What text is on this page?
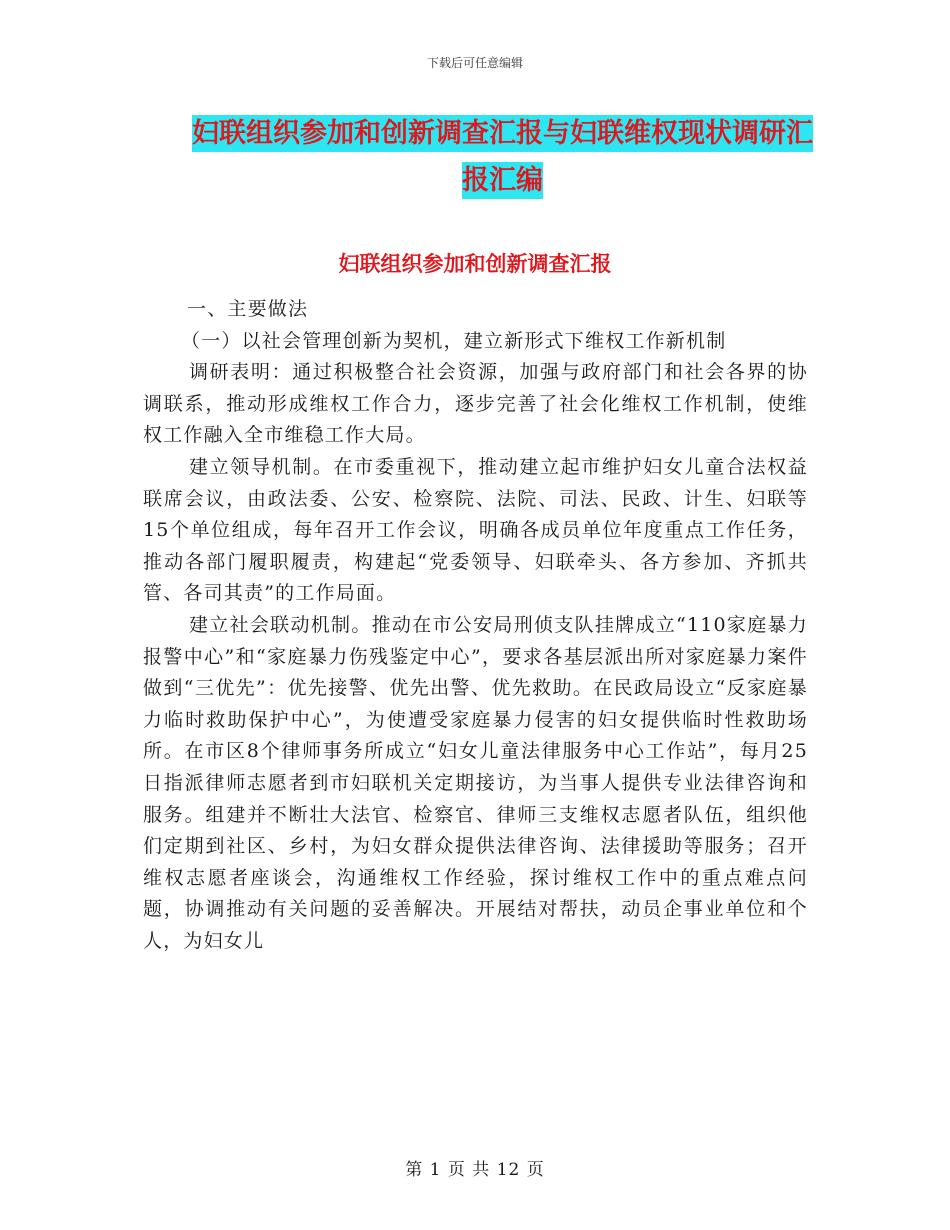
下载后可任意编辑
妇联组织参加和创新调查汇报与妇联维权现状调研汇报汇编
妇联组织参加和创新调查汇报

一、主要做法

（一）以社会管理创新为契机，建立新形式下维权工作新机制

调研表明：通过积极整合社会资源，加强与政府部门和社会各界的协调联系，推动形成维权工作合力，逐步完善了社会化维权工作机制，使维权工作融入全市维稳工作大局。

建立领导机制。在市委重视下，推动建立起市维护妇女儿童合法权益联席会议，由政法委、公安、检察院、法院、司法、民政、计生、妇联等15个单位组成，每年召开工作会议，明确各成员单位年度重点工作任务，推动各部门履职履责，构建起“党委领导、妇联牵头、各方参加、齐抓共管、各司其责”的工作局面。

建立社会联动机制。推动在市公安局刑侦支队挂牌成立“110家庭暴力报警中心”和“家庭暴力伤残鉴定中心”，要求各基层派出所对家庭暴力案件做到“三优先”：优先接警、优先出警、优先救助。在民政局设立“反家庭暴力临时救助保护中心”，为使遭受家庭暴力侵害的妇女提供临时性救助场所。在市区8个律师事务所成立“妇女儿童法律服务中心工作站”，每月25日指派律师志愿者到市妇联机关定期接访，为当事人提供专业法律咨询和服务。组建并不断壮大法官、检察官、律师三支维权志愿者队伍，组织他们定期到社区、乡村，为妇女群众提供法律咨询、法律援助等服务；召开维权志愿者座谈会，沟通维权工作经验，探讨维权工作中的重点难点问题，协调推动有关问题的妥善解决。开展结对帮扶，动员企事业单位和个人，为妇女儿

第 1 页 共 12 页
